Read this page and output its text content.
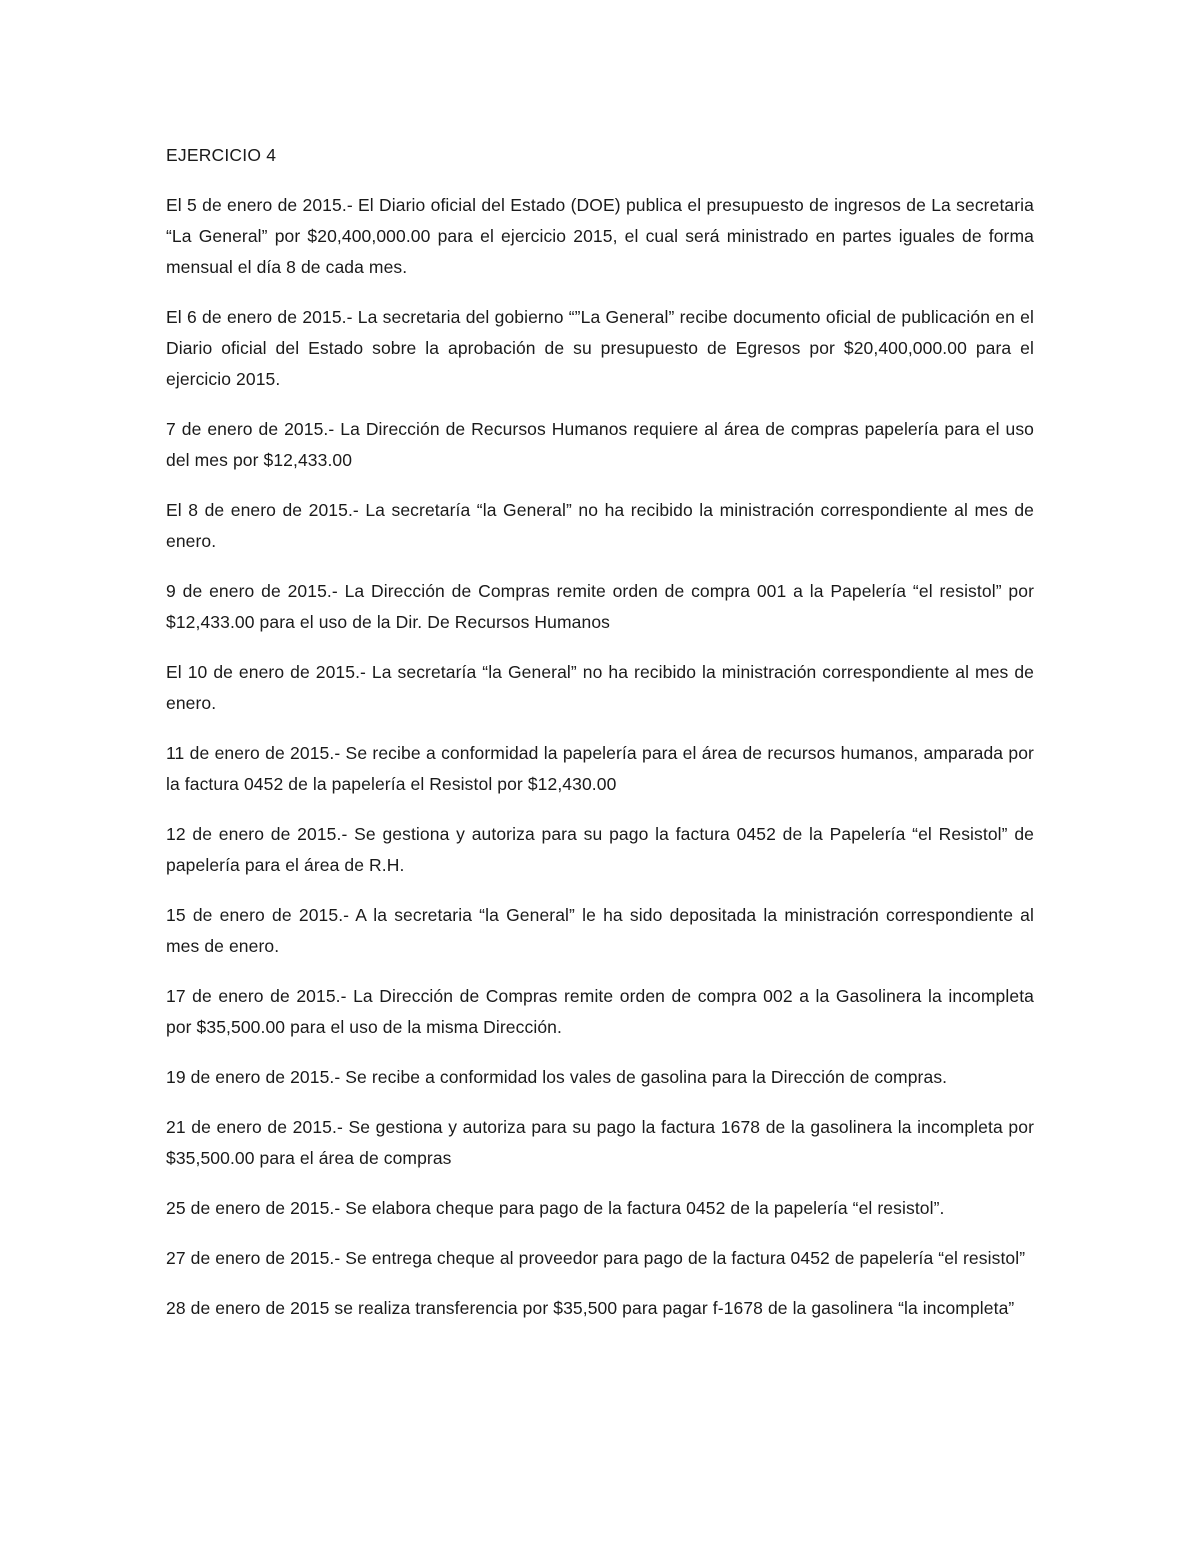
EJERCICIO 4

El 5 de enero de 2015.- El Diario oficial del Estado (DOE) publica el presupuesto de ingresos de La secretaria “La General” por $20,400,000.00 para el ejercicio 2015, el cual será ministrado en partes iguales de forma mensual el día 8 de cada mes.

El 6 de enero de 2015.- La secretaria del gobierno “”La General” recibe documento oficial de publicación en el Diario oficial del Estado sobre la aprobación de su presupuesto de Egresos por $20,400,000.00 para el ejercicio 2015.

7 de enero de 2015.- La Dirección de Recursos Humanos requiere al área de compras papelería para el uso del mes por $12,433.00

El 8 de enero de 2015.- La secretaría “la General” no ha recibido la ministración correspondiente al mes de enero.

9 de enero de 2015.- La Dirección de Compras remite orden de compra 001 a la Papelería “el resistol” por $12,433.00 para el uso de la Dir. De Recursos Humanos

El 10 de enero de 2015.- La secretaría “la General” no ha recibido la ministración correspondiente al mes de enero.

11 de enero de 2015.- Se recibe a conformidad la papelería para el área de recursos humanos, amparada por la factura 0452 de la papelería el Resistol por $12,430.00

12 de enero de 2015.- Se gestiona y autoriza para su pago la factura 0452 de la Papelería “el Resistol” de papelería para el área de R.H.

15 de enero de 2015.- A la secretaria “la General” le ha sido depositada la ministración correspondiente al mes de enero.

17 de enero de 2015.- La Dirección de Compras remite orden de compra 002 a la Gasolinera la incompleta por $35,500.00 para el uso de la misma Dirección.

19 de enero de 2015.- Se recibe a conformidad los vales de gasolina para la Dirección de compras.

21 de enero de 2015.- Se gestiona y autoriza para su pago la factura 1678 de la gasolinera la incompleta por $35,500.00 para el área de compras

25 de enero de 2015.- Se elabora cheque para pago de la factura 0452 de la papelería “el resistol”.

27 de enero de 2015.- Se entrega cheque al proveedor para pago de la factura 0452 de papelería “el resistol”

28 de enero de 2015 se realiza transferencia por $35,500 para pagar f-1678 de la gasolinera “la incompleta”
